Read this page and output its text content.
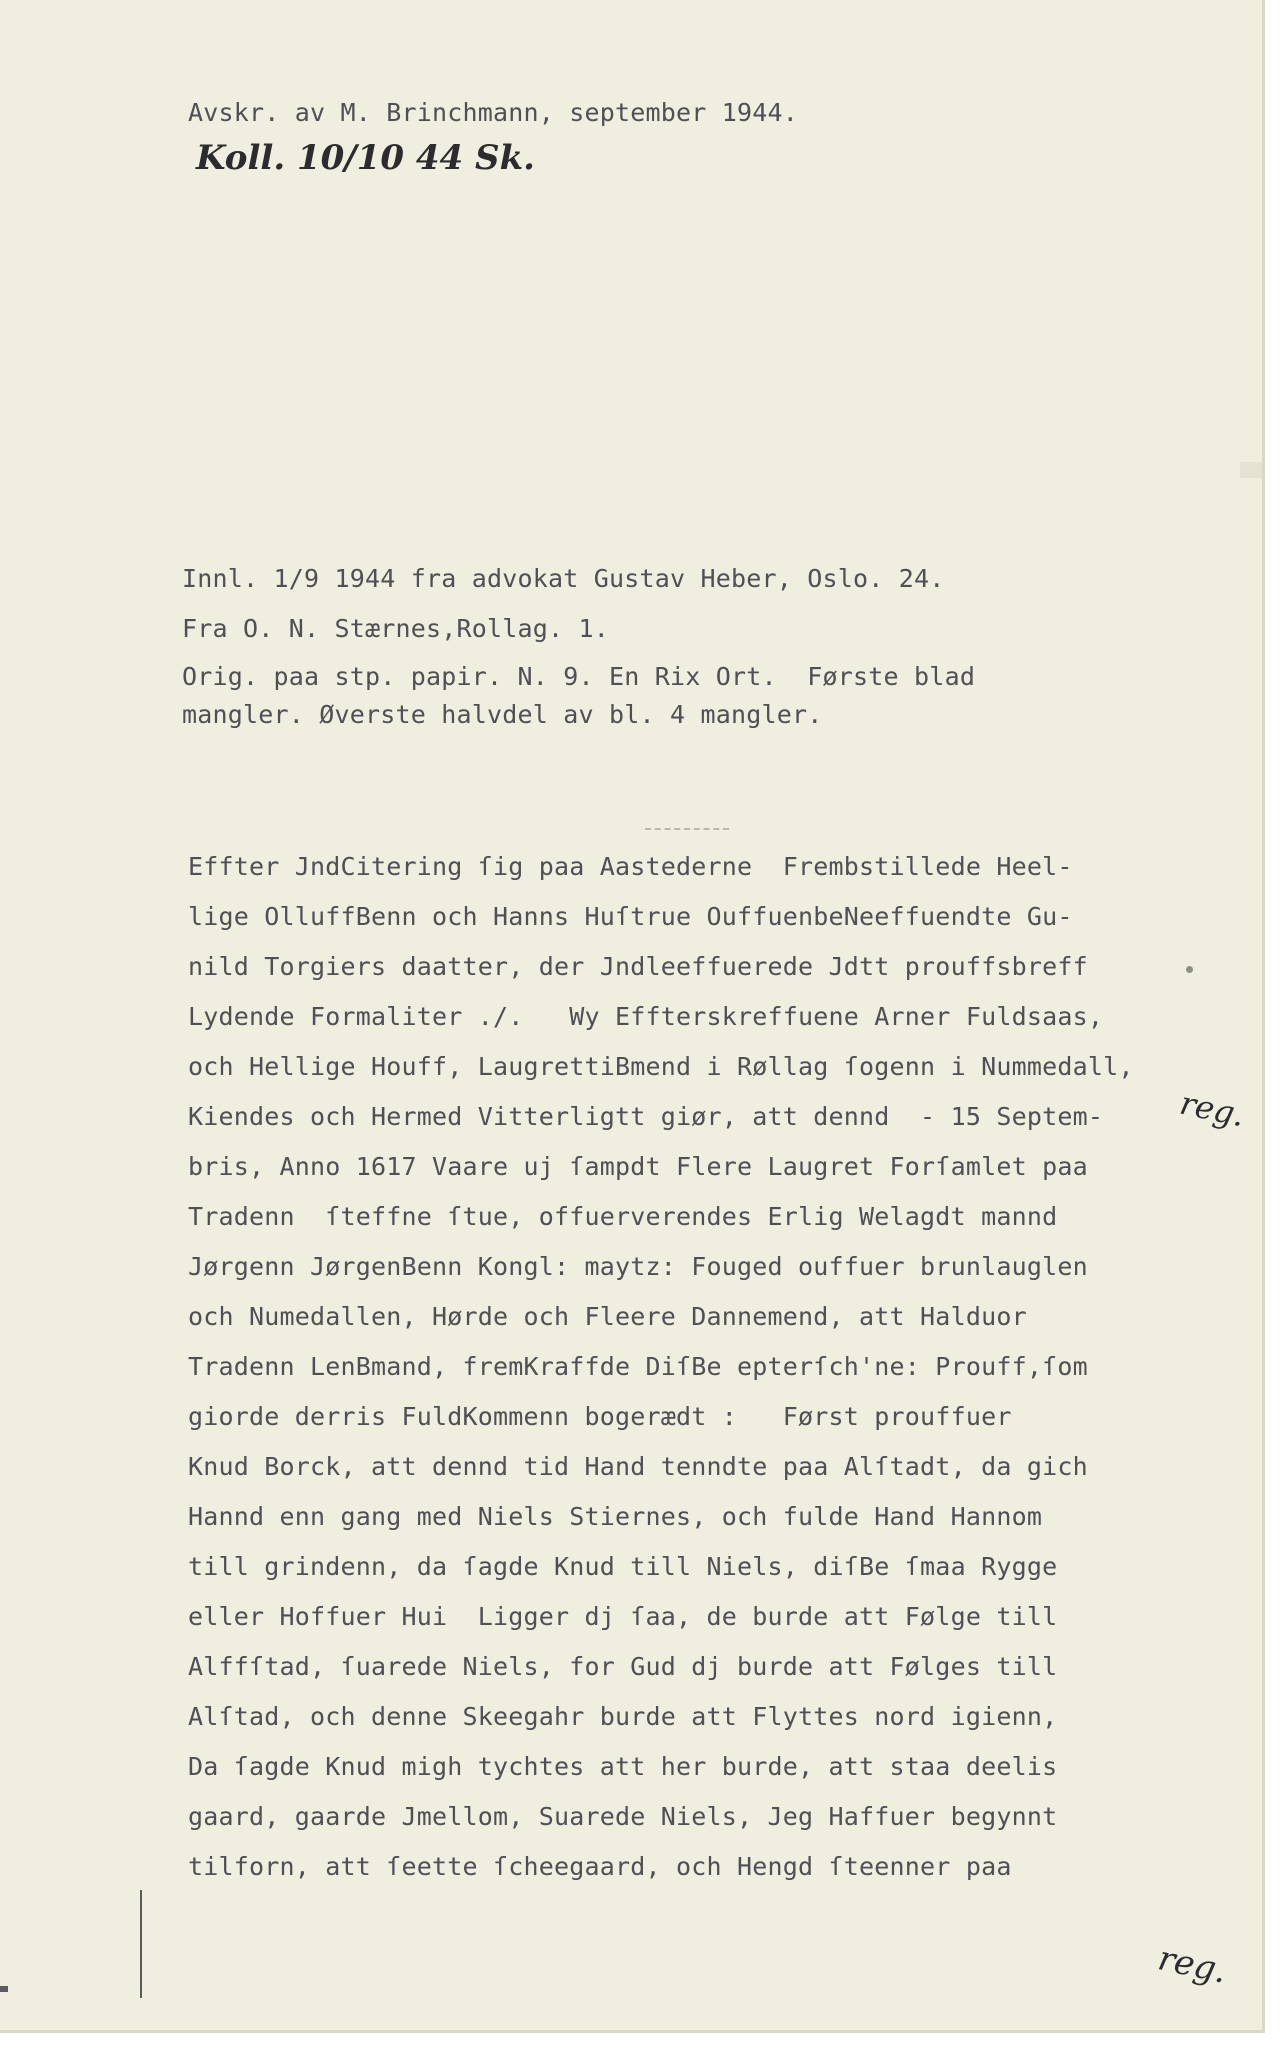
Avskr. av M. Brinchmann, september 1944.
Koll. 10/10 44 Sk.
Innl. 1/9 1944 fra advokat Gustav Heber, Oslo. 24.
Fra O. N. Stærnes,Rollag. 1.
Orig. paa stp. papir. N. 9. En Rix Ort.  Første blad
mangler. Øverste halvdel av bl. 4 mangler.
Effter JndCitering ſig paa Aastederne  Frembstillede Heel-
lige OlluffBenn och Hanns Huſtrue OuffuenbeNeeffuendte Gu-
nild Torgiers daatter, der Jndleeffuerede Jdtt prouffsbreff
Lydende Formaliter ./.   Wy Efftersk​reffuene Arner Fuldsaas,
och Hellige Houff, LaugrettiBmend i Røllag ſogenn i Nummedall,
Kiendes och Hermed Vitterligtt giør, att dennd  - 15 Septem-
bris, Anno 1617 Vaare uj ſampdt Flere Laugret Forſamlet paa
Tradenn  ſteffne ſtue, offuerverendes Erlig Welagdt mannd
Jørgenn JørgenBenn Kongl: maytz: Fouged ouffuer brunlauglen
och Numedallen, Hørde och Fleere Dannemend, att Halduor
Tradenn LenBmand, fremKraffde DiſBe epterſch'ne: Prouff,ſom
giorde derris FuldKommenn bogerædt :   Først prouffuer
Knud Borck, att dennd tid Hand tenndte paa Alſtadt, da gich
Hannd enn gang med Niels Stiernes, och fulde Hand Hannom
till grindenn, da ſagde Knud till Niels, diſBe ſmaa Rygge
eller Hoffuer Hui  Ligger dj ſaa, de burde att Følge till
Alffſtad, ſuarede Niels, for Gud dj burde att Følges till
Alſtad, och denne Skeegahr burde att Flyttes nord igienn,
Da ſagde Knud migh tychtes att her burde, att staa deelis
gaard, gaarde Jmellom, Suarede Niels, Jeg Haffuer begynnt
tilforn, att ſeette ſcheegaard, och Hengd ſteenner paa
reg.
reg.
